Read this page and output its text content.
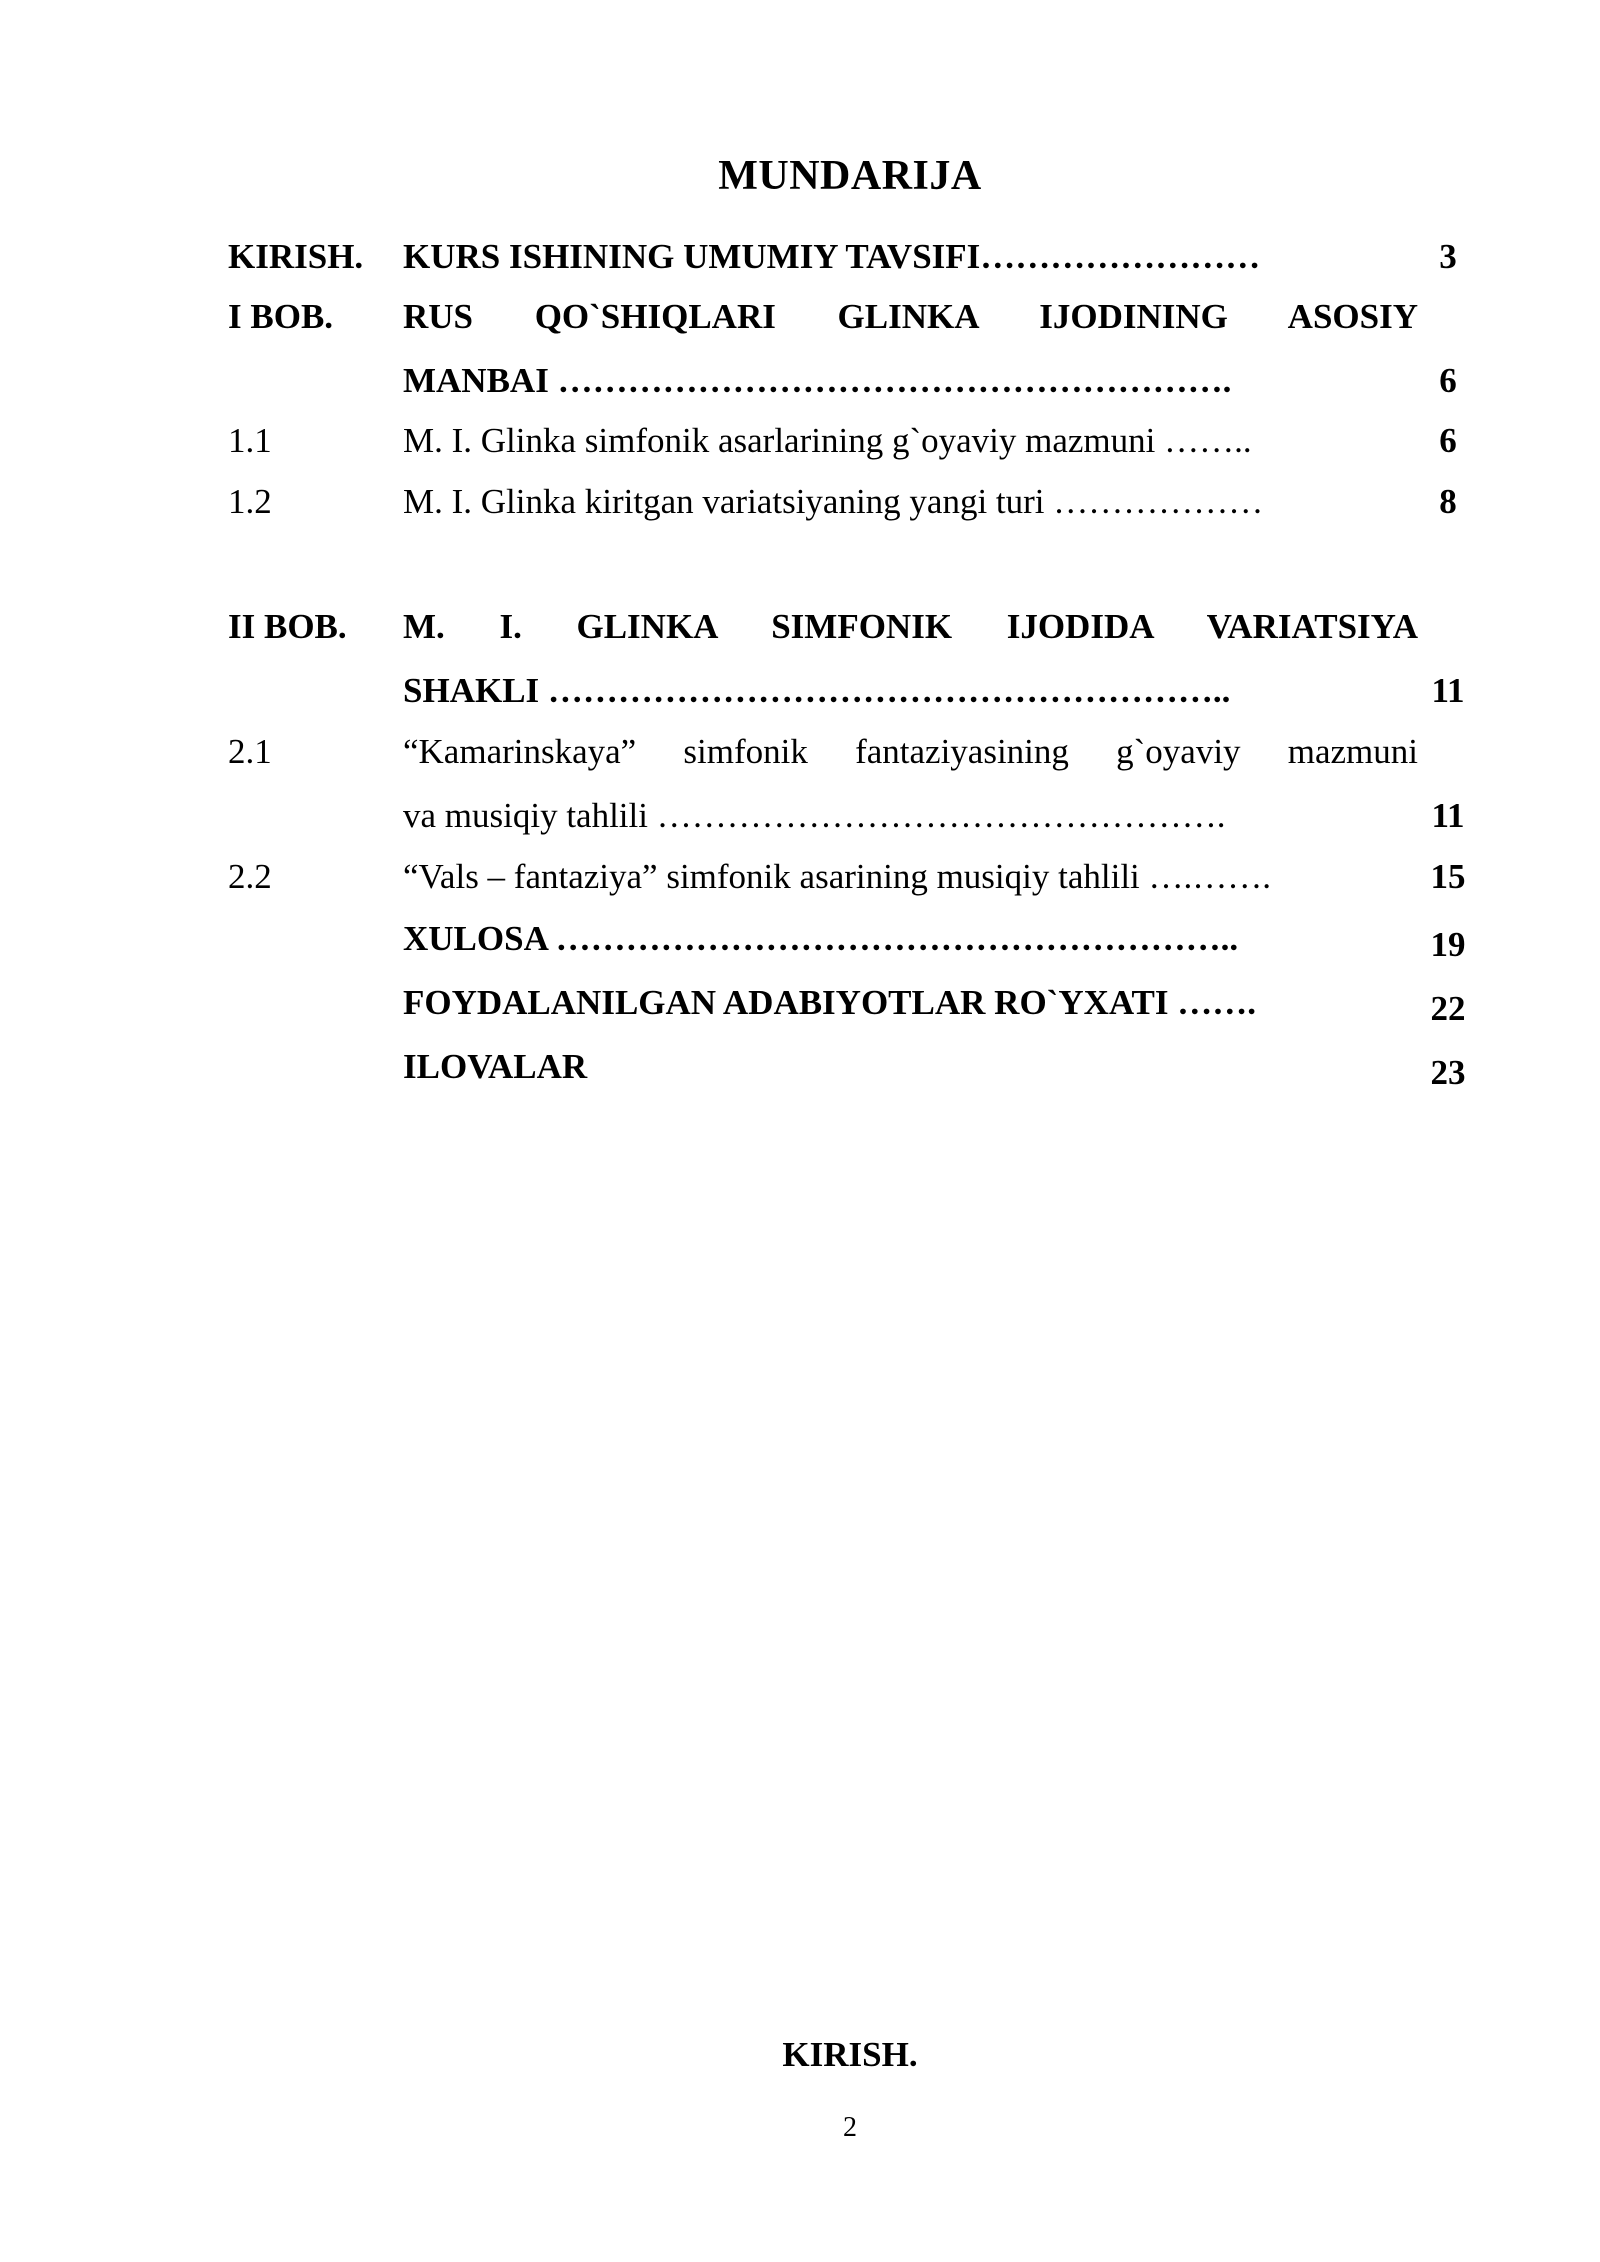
MUNDARIJA
KIRISH. KURS ISHINING UMUMIY TAVSIFI……………………	3
I BOB. RUS QO`SHIQLARI GLINKA IJODINING ASOSIY
MANBAI ………………………………………………….	6
1.1	M. I. Glinka simfonik asarlarining g`oyaviy mazmuni ……..	6
1.2	M. I. Glinka kiritgan variatsiyaning yangi turi ………………	8
II BOB. M. I. GLINKA SIMFONIK IJODIDA VARIATSIYA
SHAKLI …………………………………………………..	11
2.1	“Kamarinskaya” simfonik fantaziyasining g`oyaviy mazmuni
va musiqiy tahlili ………………………………………….	11
2.2	“Vals – fantaziya” simfonik asarining musiqiy tahlili ….…….	15
XULOSA …………………………………………………..	19
FOYDALANILGAN ADABIYOTLAR RO`YXATI …….	22
ILOVALAR	23
KIRISH.
2
